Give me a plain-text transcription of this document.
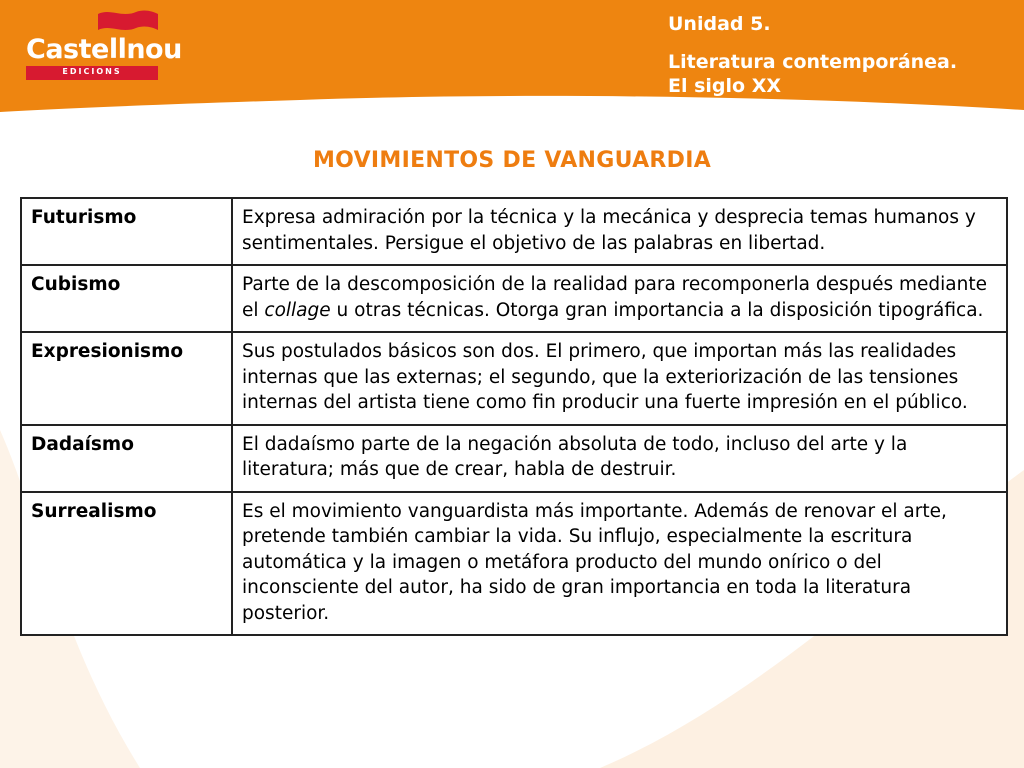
Castellnou
EDICIONS
Unidad 5.
Literatura contemporánea.
El siglo XX
MOVIMIENTOS DE VANGUARDIA
Futurismo	Expresa admiración por la técnica y la mecánica y desprecia temas humanos y sentimentales. Persigue el objetivo de las palabras en libertad.
Cubismo	Parte de la descomposición de la realidad para recomponerla después mediante el collage u otras técnicas. Otorga gran importancia a la disposición tipográfica.
Expresionismo	Sus postulados básicos son dos. El primero, que importan más las realidades internas que las externas; el segundo, que la exteriorización de las tensiones internas del artista tiene como fin producir una fuerte impresión en el público.
Dadaísmo	El dadaísmo parte de la negación absoluta de todo, incluso del arte y la literatura; más que de crear, habla de destruir.
Surrealismo	Es el movimiento vanguardista más importante. Además de renovar el arte, pretende también cambiar la vida. Su influjo, especialmente la escritura automática y la imagen o metáfora producto del mundo onírico o del inconsciente del autor, ha sido de gran importancia en toda la literatura posterior.
